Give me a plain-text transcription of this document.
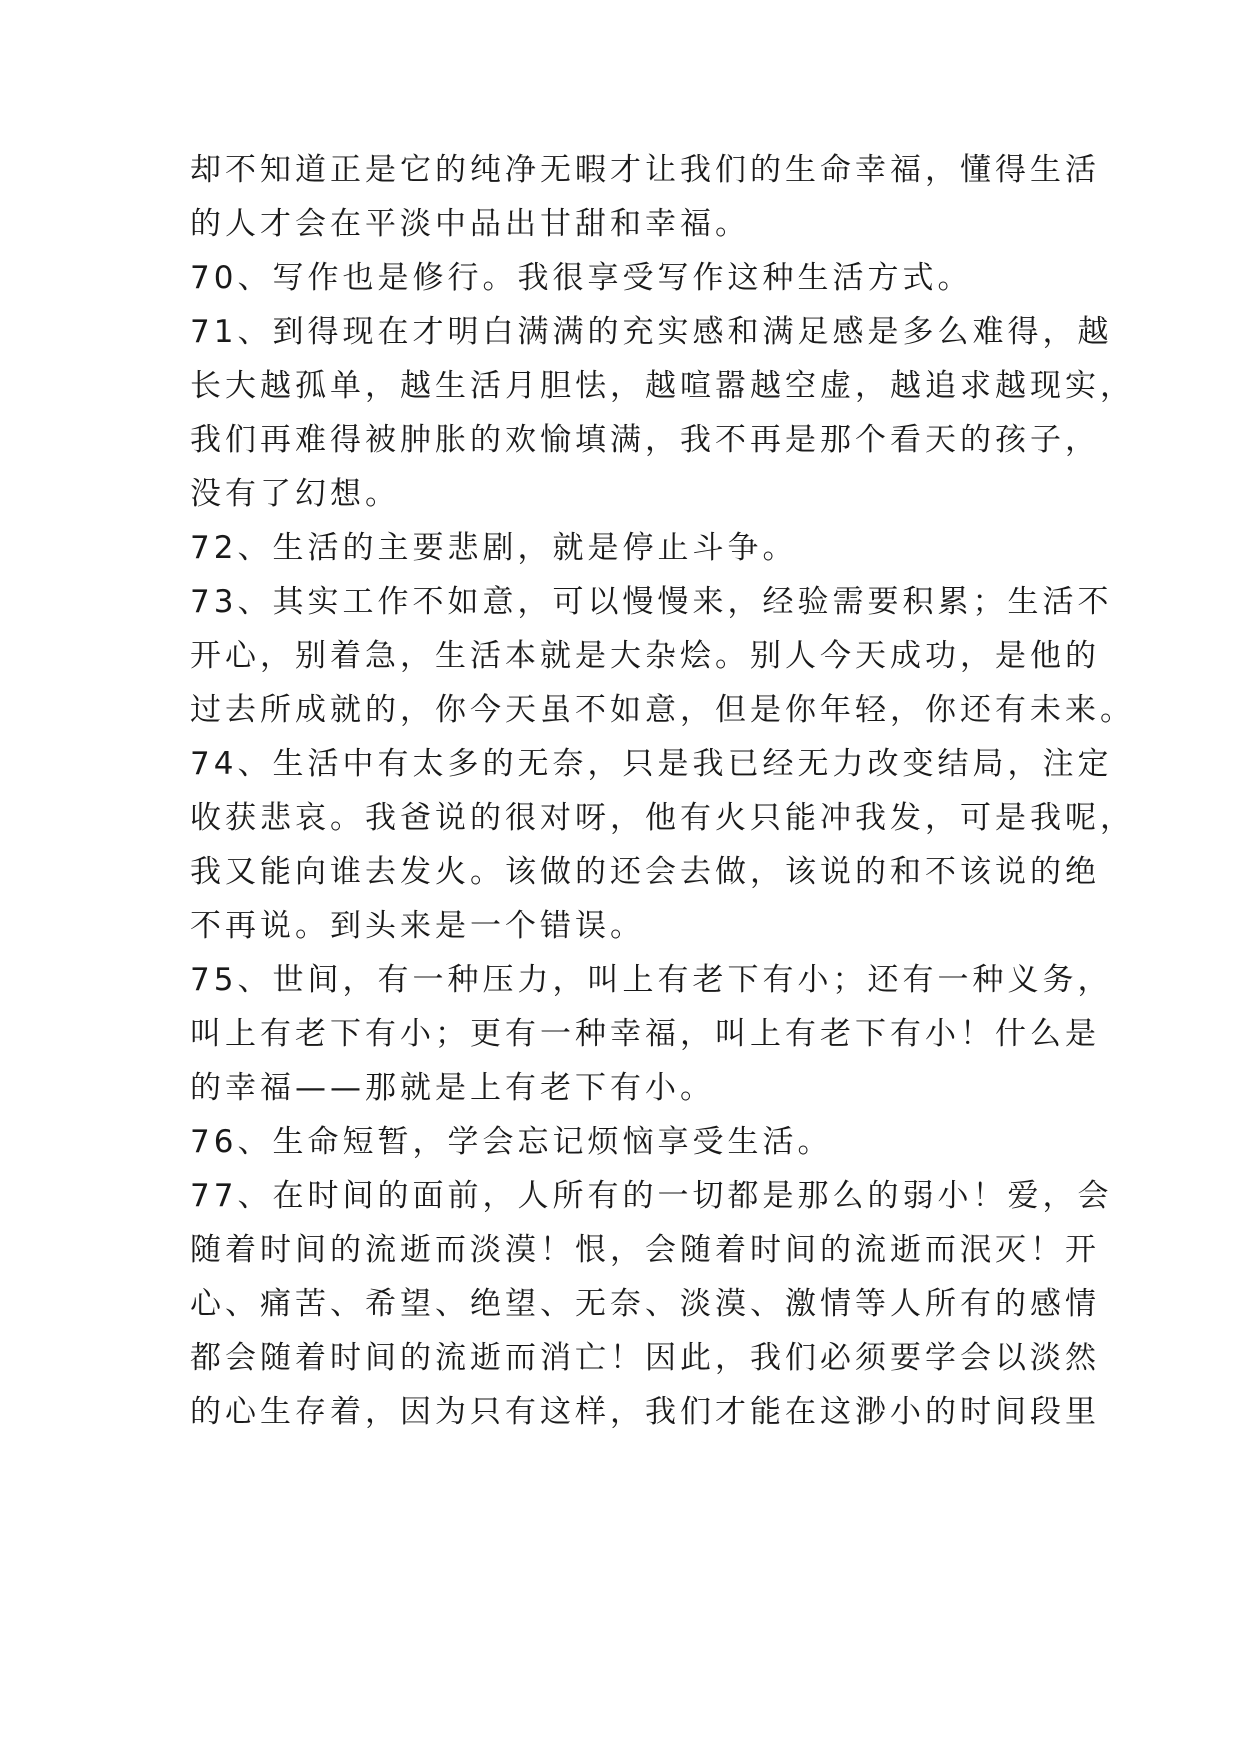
却不知道正是它的纯净无暇才让我们的生命幸福，懂得生活
的人才会在平淡中品出甘甜和幸福。
70、写作也是修行。我很享受写作这种生活方式。
71、到得现在才明白满满的充实感和满足感是多么难得，越
长大越孤单，越生活月胆怯，越喧嚣越空虚，越追求越现实，
我们再难得被肿胀的欢愉填满，我不再是那个看天的孩子，
没有了幻想。
72、生活的主要悲剧，就是停止斗争。
73、其实工作不如意，可以慢慢来，经验需要积累；生活不
开心，别着急，生活本就是大杂烩。别人今天成功，是他的
过去所成就的，你今天虽不如意，但是你年轻，你还有未来。
74、生活中有太多的无奈，只是我已经无力改变结局，注定
收获悲哀。我爸说的很对呀，他有火只能冲我发，可是我呢，
我又能向谁去发火。该做的还会去做，该说的和不该说的绝
不再说。到头来是一个错误。
75、世间，有一种压力，叫上有老下有小；还有一种义务，
叫上有老下有小；更有一种幸福，叫上有老下有小！什么是
的幸福——那就是上有老下有小。
76、生命短暂，学会忘记烦恼享受生活。
77、在时间的面前，人所有的一切都是那么的弱小！爱，会
随着时间的流逝而淡漠！恨，会随着时间的流逝而泯灭！开
心、痛苦、希望、绝望、无奈、淡漠、激情等人所有的感情
都会随着时间的流逝而消亡！因此，我们必须要学会以淡然
的心生存着，因为只有这样，我们才能在这渺小的时间段里
